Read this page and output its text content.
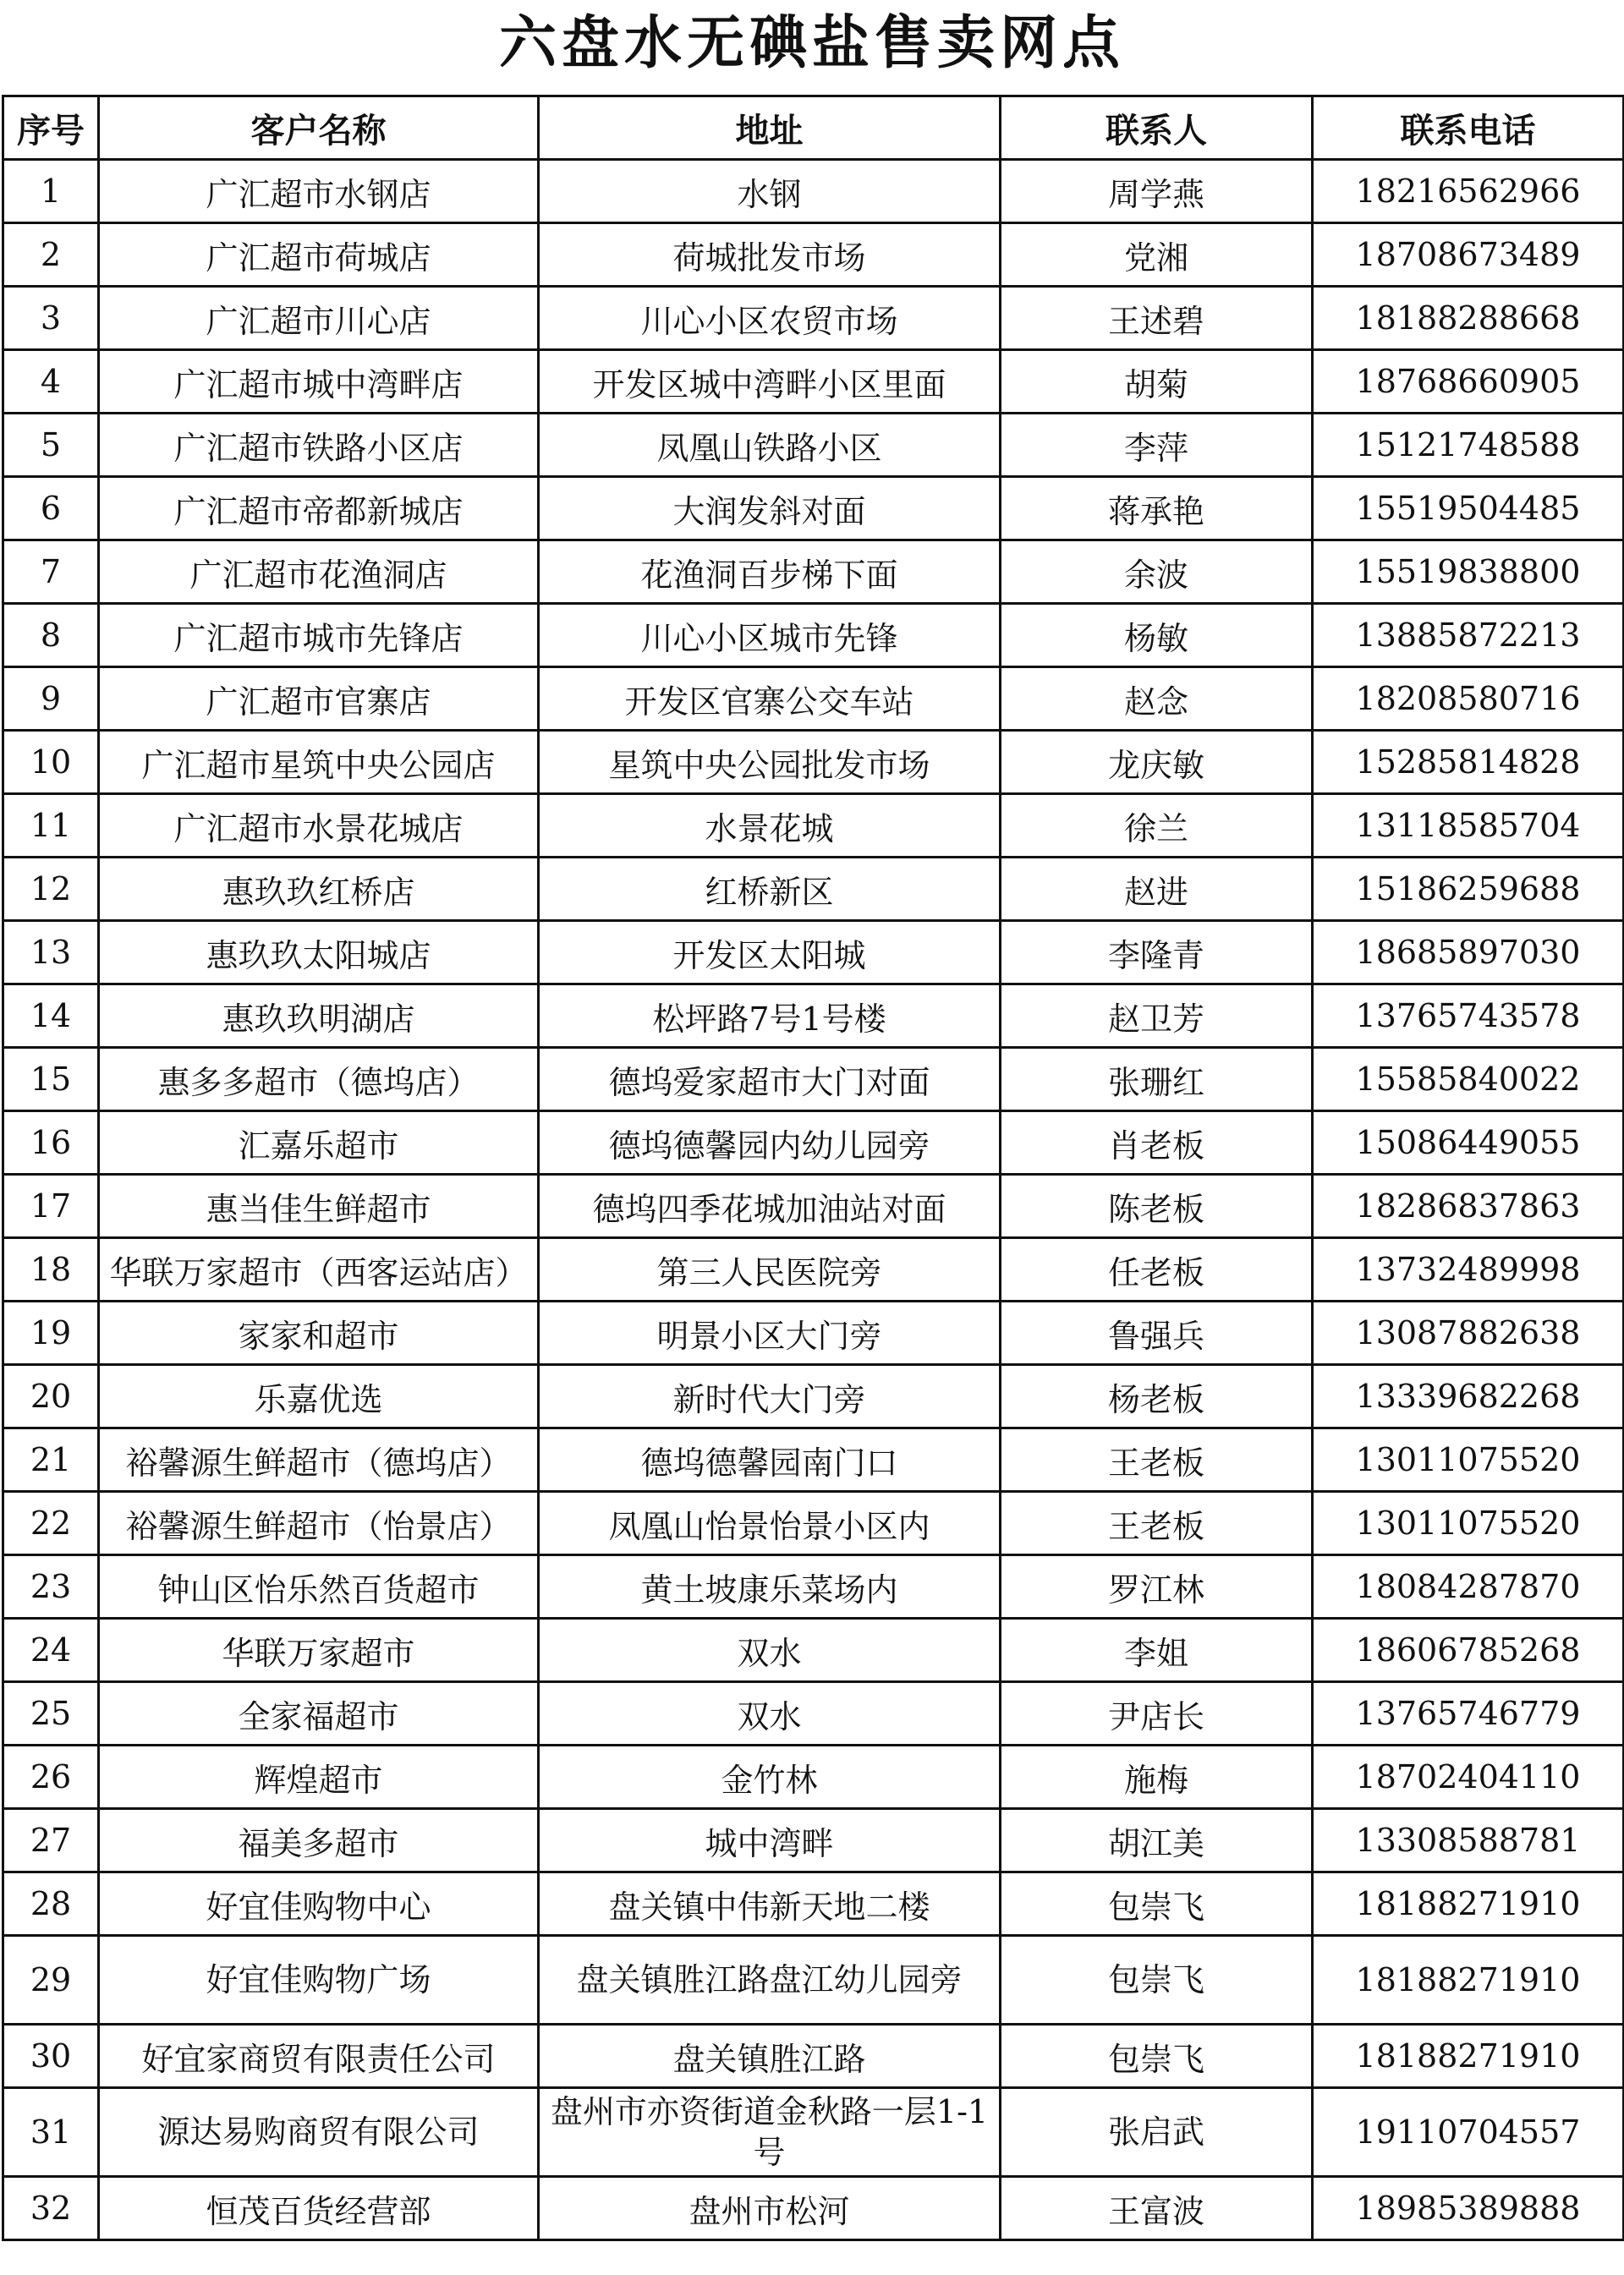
六盘水无碘盐售卖网点
序号	客户名称	地址	联系人	联系电话
1	广汇超市水钢店	水钢	周学燕	18216562966
2	广汇超市荷城店	荷城批发市场	党湘	18708673489
3	广汇超市川心店	川心小区农贸市场	王述碧	18188288668
4	广汇超市城中湾畔店	开发区城中湾畔小区里面	胡菊	18768660905
5	广汇超市铁路小区店	凤凰山铁路小区	李萍	15121748588
6	广汇超市帝都新城店	大润发斜对面	蒋承艳	15519504485
7	广汇超市花渔洞店	花渔洞百步梯下面	余波	15519838800
8	广汇超市城市先锋店	川心小区城市先锋	杨敏	13885872213
9	广汇超市官寨店	开发区官寨公交车站	赵念	18208580716
10	广汇超市星筑中央公园店	星筑中央公园批发市场	龙庆敏	15285814828
11	广汇超市水景花城店	水景花城	徐兰	13118585704
12	惠玖玖红桥店	红桥新区	赵进	15186259688
13	惠玖玖太阳城店	开发区太阳城	李隆青	18685897030
14	惠玖玖明湖店	松坪路7号1号楼	赵卫芳	13765743578
15	惠多多超市（德坞店）	德坞爱家超市大门对面	张珊红	15585840022
16	汇嘉乐超市	德坞德馨园内幼儿园旁	肖老板	15086449055
17	惠当佳生鲜超市	德坞四季花城加油站对面	陈老板	18286837863
18	华联万家超市（西客运站店）	第三人民医院旁	任老板	13732489998
19	家家和超市	明景小区大门旁	鲁强兵	13087882638
20	乐嘉优选	新时代大门旁	杨老板	13339682268
21	裕馨源生鲜超市（德坞店）	德坞德馨园南门口	王老板	13011075520
22	裕馨源生鲜超市（怡景店）	凤凰山怡景怡景小区内	王老板	13011075520
23	钟山区怡乐然百货超市	黄土坡康乐菜场内	罗江林	18084287870
24	华联万家超市	双水	李姐	18606785268
25	全家福超市	双水	尹店长	13765746779
26	辉煌超市	金竹林	施梅	18702404110
27	福美多超市	城中湾畔	胡江美	13308588781
28	好宜佳购物中心	盘关镇中伟新天地二楼	包崇飞	18188271910
29	好宜佳购物广场	盘关镇胜江路盘江幼儿园旁	包崇飞	18188271910
30	好宜家商贸有限责任公司	盘关镇胜江路	包崇飞	18188271910
31	源达易购商贸有限公司	盘州市亦资街道金秋路一层1-1号	张启武	19110704557
32	恒茂百货经营部	盘州市松河	王富波	18985389888
